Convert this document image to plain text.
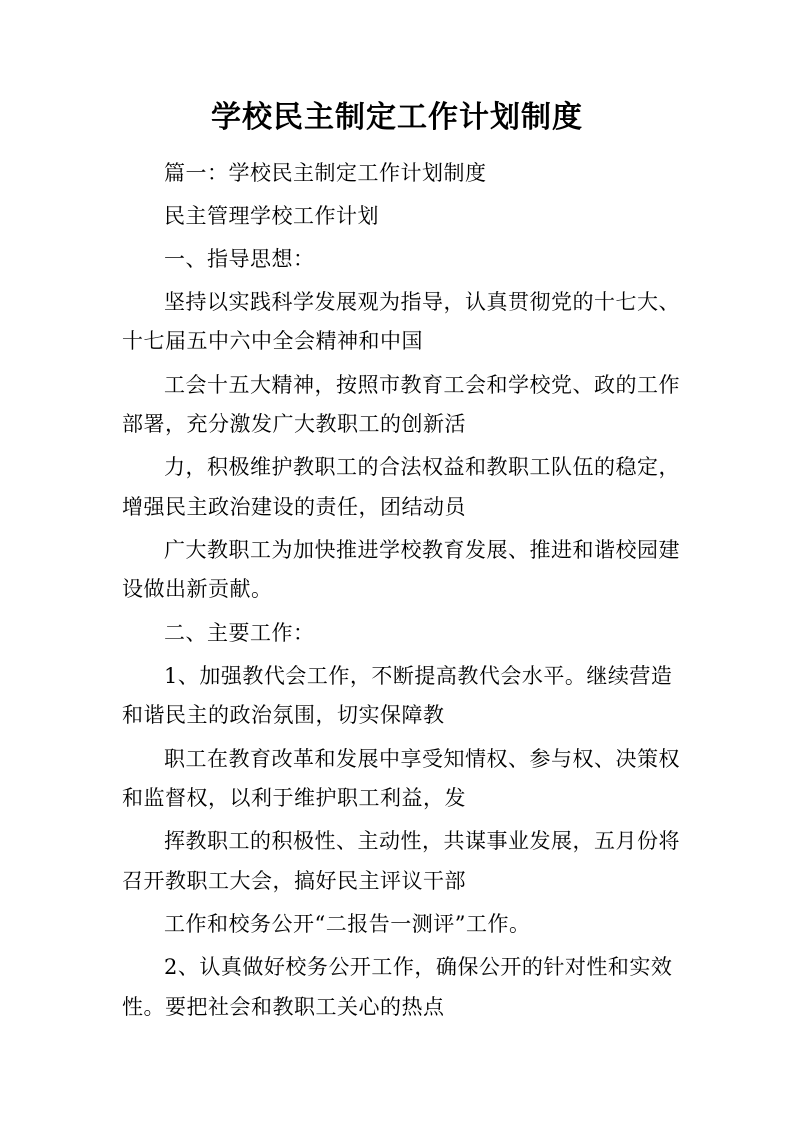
学校民主制定工作计划制度
篇一：学校民主制定工作计划制度
民主管理学校工作计划
一、指导思想：
坚持以实践科学发展观为指导，认真贯彻党的十七大、
十七届五中六中全会精神和中国
工会十五大精神，按照市教育工会和学校党、政的工作
部署，充分激发广大教职工的创新活
力，积极维护教职工的合法权益和教职工队伍的稳定，
增强民主政治建设的责任，团结动员
广大教职工为加快推进学校教育发展、推进和谐校园建
设做出新贡献。
二、主要工作：
1、加强教代会工作，不断提高教代会水平。继续营造
和谐民主的政治氛围，切实保障教
职工在教育改革和发展中享受知情权、参与权、决策权
和监督权，以利于维护职工利益，发
挥教职工的积极性、主动性，共谋事业发展，五月份将
召开教职工大会，搞好民主评议干部
工作和校务公开“二报告一测评”工作。
2、认真做好校务公开工作，确保公开的针对性和实效
性。要把社会和教职工关心的热点
